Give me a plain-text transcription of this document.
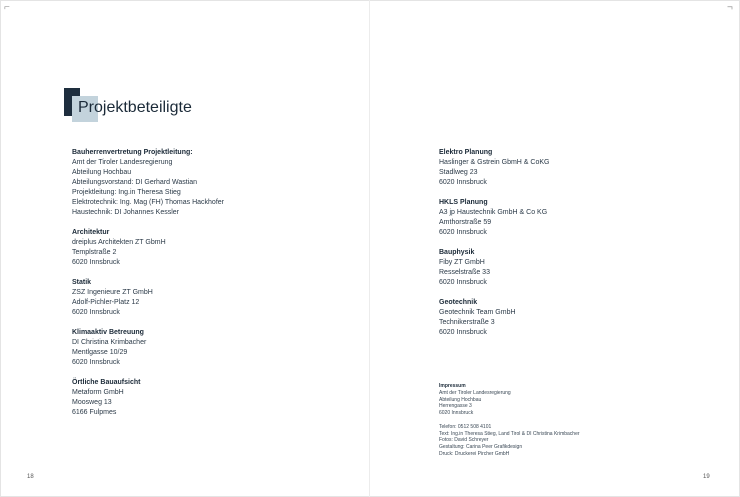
⌐	¬
Projektbeteiligte
Bauherrenvertretung Projektleitung:
Amt der Tiroler Landesregierung
Abteilung Hochbau
Abteilungsvorstand: DI Gerhard Wastian
Projektleitung: Ing.in Theresa Stieg
Elektrotechnik: Ing. Mag (FH) Thomas Hackhofer
Haustechnik: DI Johannes Kessler
Architektur
dreiplus Architekten ZT GbmH
Templstraße 2
6020 Innsbruck
Statik
ZSZ Ingenieure ZT GmbH
Adolf-Pichler-Platz 12
6020 Innsbruck
Klimaaktiv Betreuung
DI Christina Krimbacher
Mentlgasse 10/29
6020 Innsbruck
Örtliche Bauaufsicht
Metaform GmbH
Moosweg 13
6166 Fulpmes
Elektro Planung
Haslinger & Gstrein GbmH & CoKG
Stadlweg 23
6020 Innsbruck
HKLS Planung
A3 jp Haustechnik GmbH & Co KG
Amthorstraße 59
6020 Innsbruck
Bauphysik
Fiby ZT GmbH
Resselstraße 33
6020 Innsbruck
Geotechnik
Geotechnik Team GmbH
Technikerstraße 3
6020 Innsbruck
Impressum
Amt der Tiroler Landesregierung
Abteilung Hochbau
Herrengasse 3
6020 Innsbruck
Telefon: 0512 508 4101
Text: Ing.in Theresa Stieg, Land Tirol & DI Christina Krimbacher
Fotos: David Schreyer
Gestaltung: Carina Peer Grafikdesign
Druck: Druckerei Pircher GmbH
18	19
